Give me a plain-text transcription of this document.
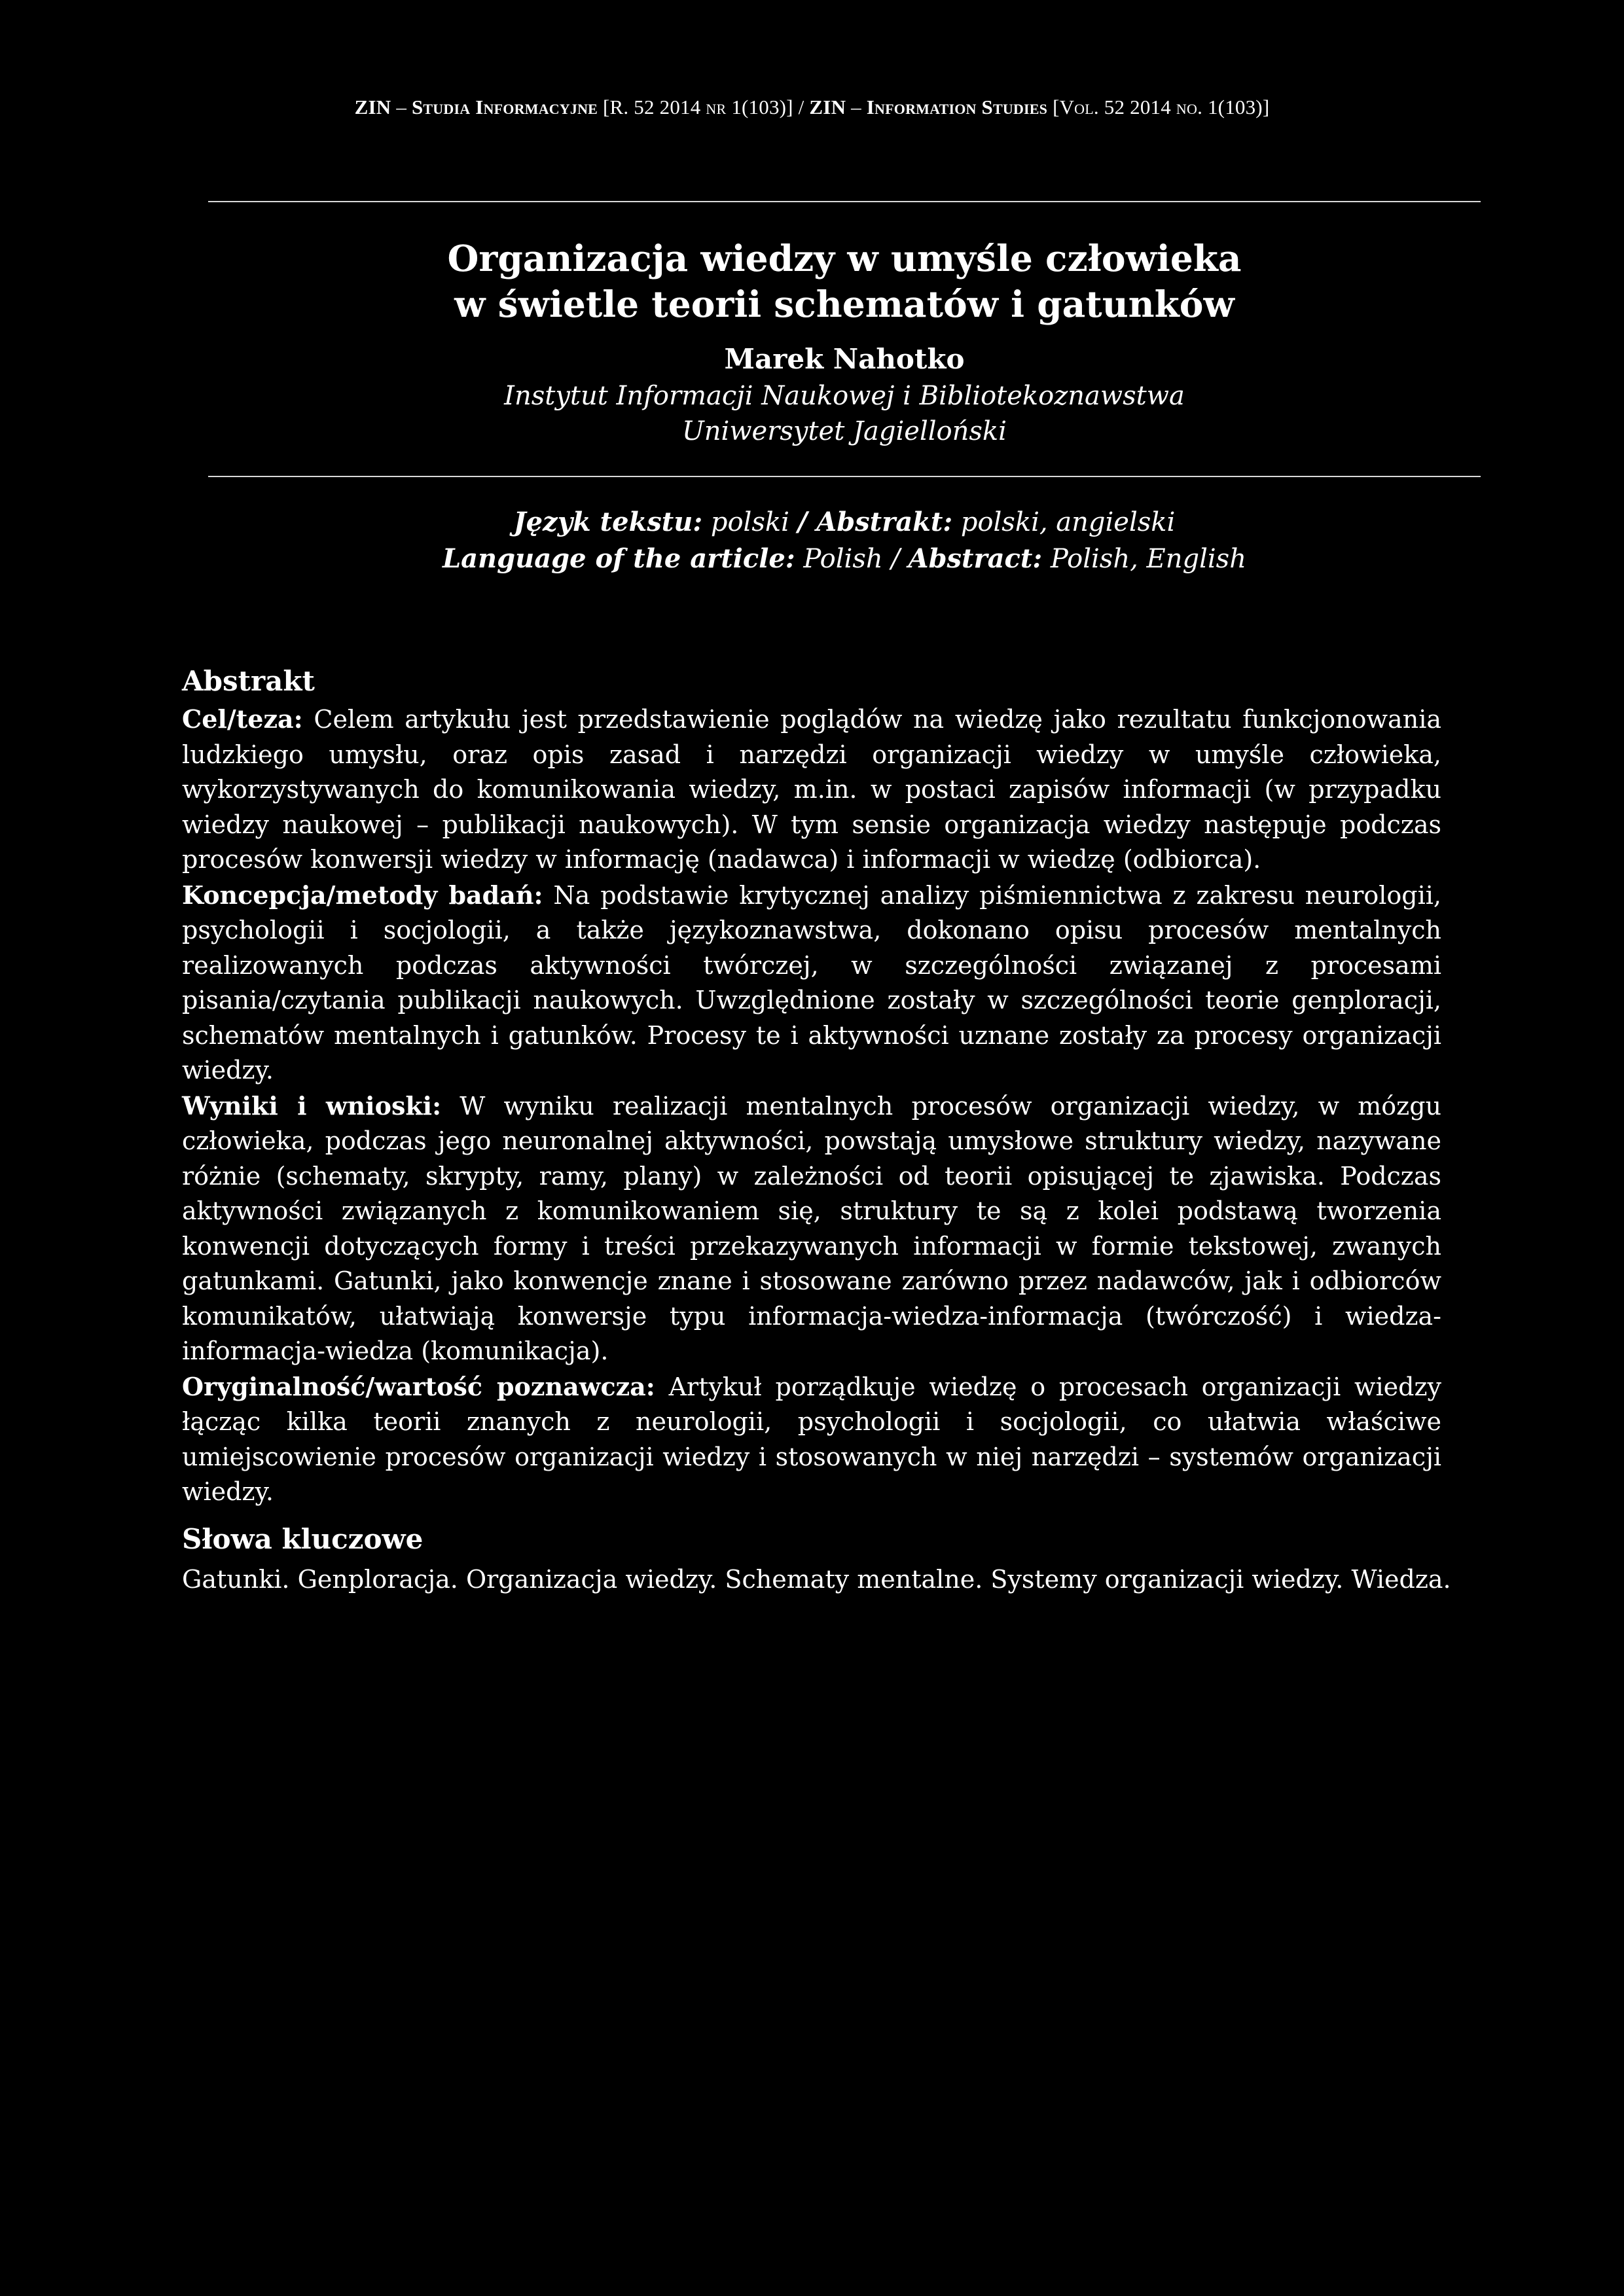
ZIN – Studia Informacyjne [R. 52 2014 nr 1(103)] / ZIN – Information Studies [Vol. 52 2014 no. 1(103)]
Organizacja wiedzy w umyśle człowieka
w świetle teorii schematów i gatunków
Marek Nahotko
Instytut Informacji Naukowej i Bibliotekoznawstwa
Uniwersytet Jagielloński
Język tekstu: polski / Abstrakt: polski, angielski
Language of the article: Polish / Abstract: Polish, English
Abstrakt

Cel/teza: Celem artykułu jest przedstawienie poglądów na wiedzę jako rezultatu funkcjonowania ludzkiego umysłu, oraz opis zasad i narzędzi organizacji wiedzy w umyśle człowieka, wykorzystywanych do komunikowania wiedzy, m.in. w postaci zapisów informacji (w przypadku wiedzy naukowej – publikacji naukowych). W tym sensie organizacja wiedzy następuje podczas procesów konwersji wiedzy w informację (nadawca) i informacji w wiedzę (odbiorca).

Koncepcja/metody badań: Na podstawie krytycznej analizy piśmiennictwa z zakresu neurologii, psychologii i socjologii, a także językoznawstwa, dokonano opisu procesów mentalnych realizowanych podczas aktywności twórczej, w szczególności związanej z procesami pisania/czytania publikacji naukowych. Uwzględnione zostały w szczególności teorie genploracji, schematów mentalnych i gatunków. Procesy te i aktywności uznane zostały za procesy organizacji wiedzy.

Wyniki i wnioski: W wyniku realizacji mentalnych procesów organizacji wiedzy, w mózgu człowieka, podczas jego neuronalnej aktywności, powstają umysłowe struktury wiedzy, nazywane różnie (schematy, skrypty, ramy, plany) w zależności od teorii opisującej te zjawiska. Podczas aktywności związanych z komunikowaniem się, struktury te są z kolei podstawą tworzenia konwencji dotyczących formy i treści przekazywanych informacji w formie tekstowej, zwanych gatunkami. Gatunki, jako konwencje znane i stosowane zarówno przez nadawców, jak i odbiorców komunikatów, ułatwiają konwersje typu informacja-wiedza-informacja (twórczość) i wiedza-informacja-wiedza (komunikacja).

Oryginalność/wartość poznawcza: Artykuł porządkuje wiedzę o procesach organizacji wiedzy łącząc kilka teorii znanych z neurologii, psychologii i socjologii, co ułatwia właściwe umiejscowienie procesów organizacji wiedzy i stosowanych w niej narzędzi – systemów organizacji wiedzy.

Słowa kluczowe
Gatunki. Genploracja. Organizacja wiedzy. Schematy mentalne. Systemy organizacji wiedzy. Wiedza.
